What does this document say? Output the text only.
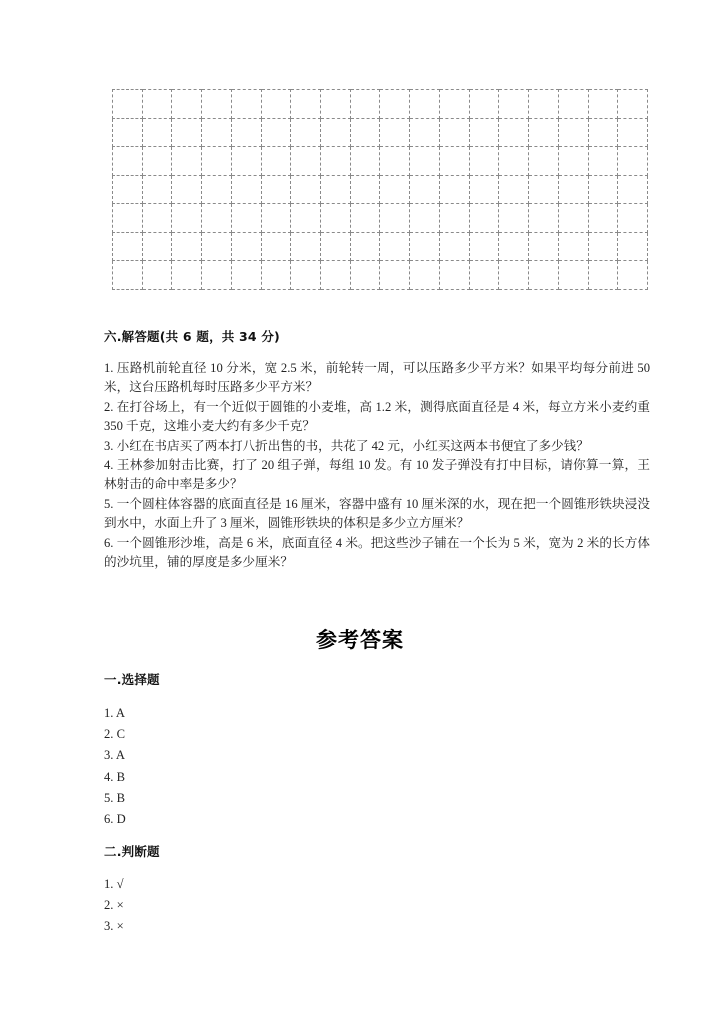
六.解答题(共 6 题，共 34 分)

1. 压路机前轮直径 10 分米，宽 2.5 米，前轮转一周，可以压路多少平方米？如果平均每分前进 50 米，这台压路机每时压路多少平方米？

2. 在打谷场上，有一个近似于圆锥的小麦堆，高 1.2 米，测得底面直径是 4 米，每立方米小麦约重 350 千克，这堆小麦大约有多少千克？

3. 小红在书店买了两本打八折出售的书，共花了 42 元，小红买这两本书便宜了多少钱？

4. 王林参加射击比赛，打了 20 组子弹，每组 10 发。有 10 发子弹没有打中目标，请你算一算，王林射击的命中率是多少？

5. 一个圆柱体容器的底面直径是 16 厘米，容器中盛有 10 厘米深的水，现在把一个圆锥形铁块浸没到水中，水面上升了 3 厘米，圆锥形铁块的体积是多少立方厘米？

6. 一个圆锥形沙堆，高是 6 米，底面直径 4 米。把这些沙子铺在一个长为 5 米，宽为 2 米的长方体的沙坑里，铺的厚度是多少厘米？

参考答案
一.选择题
1. A
2. C
3. A
4. B
5. B
6. D
二.判断题
1. √
2. ×
3. ×
